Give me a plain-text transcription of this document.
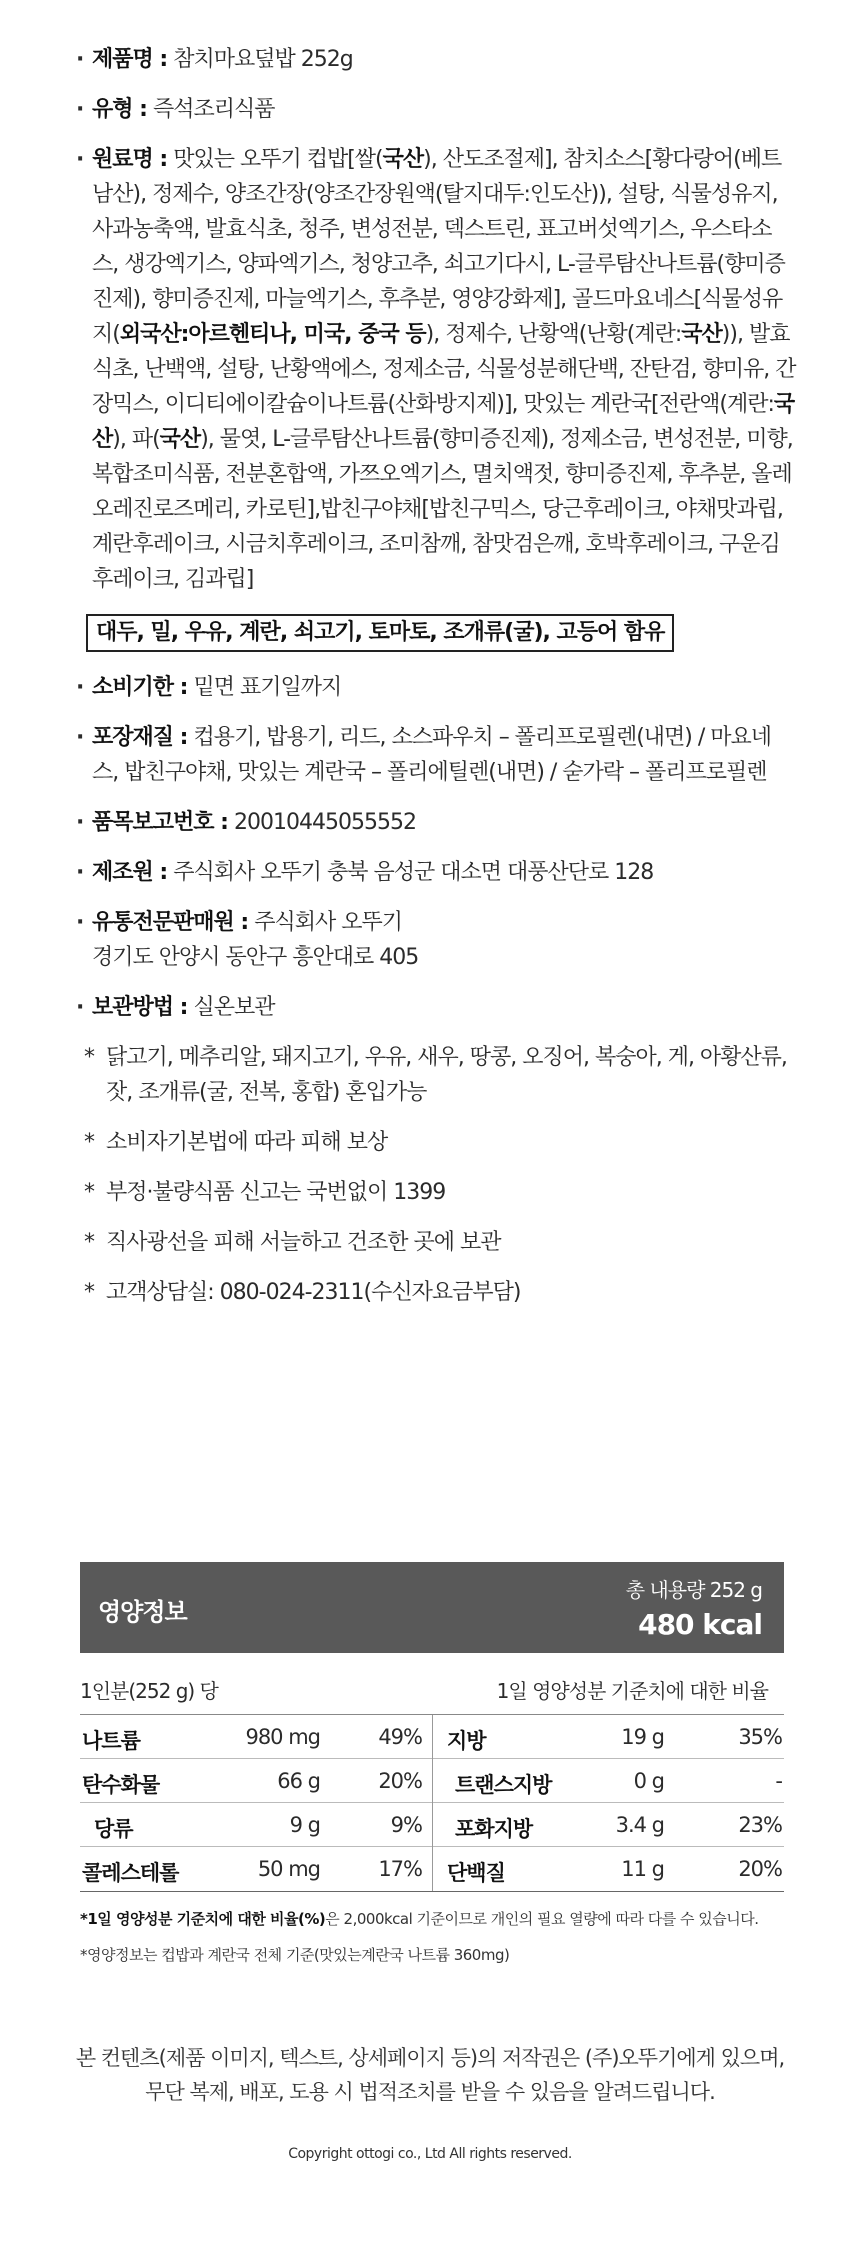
· 제품명 : 참치마요덮밥 252g
· 유형 : 즉석조리식품
· 원료명 : 맛있는 오뚜기 컵밥[쌀(국산), 산도조절제], 참치소스[황다랑어(베트남산), 정제수, 양조간장(양조간장원액(탈지대두:인도산)), 설탕, 식물성유지, 사과농축액, 발효식초, 청주, 변성전분, 덱스트린, 표고버섯엑기스, 우스타소스, 생강엑기스, 양파엑기스, 청양고추, 쇠고기다시, L-글루탐산나트륨(향미증진제), 향미증진제, 마늘엑기스, 후추분, 영양강화제], 골드마요네스[식물성유지(외국산:아르헨티나, 미국, 중국 등), 정제수, 난황액(난황(계란:국산)), 발효식초, 난백액, 설탕, 난황액에스, 정제소금, 식물성분해단백, 잔탄검, 향미유, 간장믹스, 이디티에이칼슘이나트륨(산화방지제)], 맛있는 계란국[전란액(계란:국산), 파(국산), 물엿, L-글루탐산나트륨(향미증진제), 정제소금, 변성전분, 미향, 복합조미식품, 전분혼합액, 가쯔오엑기스, 멸치액젓, 향미증진제, 후추분, 올레오레진로즈메리, 카로틴],밥친구야채[밥친구믹스, 당근후레이크, 야채맛과립, 계란후레이크, 시금치후레이크, 조미참깨, 참맛검은깨, 호박후레이크, 구운김후레이크, 김과립]
대두, 밀, 우유, 계란, 쇠고기, 토마토, 조개류(굴), 고등어 함유
· 소비기한 : 밑면 표기일까지
· 포장재질 : 컵용기, 밥용기, 리드, 소스파우치 – 폴리프로필렌(내면) / 마요네스, 밥친구야채, 맛있는 계란국 – 폴리에틸렌(내면) / 숟가락 – 폴리프로필렌
· 품목보고번호 : 20010445055552
· 제조원 : 주식회사 오뚜기 충북 음성군 대소면 대풍산단로 128
· 유통전문판매원 : 주식회사 오뚜기
경기도 안양시 동안구 흥안대로 405
· 보관방법 : 실온보관
* 닭고기, 메추리알, 돼지고기, 우유, 새우, 땅콩, 오징어, 복숭아, 게, 아황산류, 잣, 조개류(굴, 전복, 홍합) 혼입가능
* 소비자기본법에 따라 피해 보상
* 부정·불량식품 신고는 국번없이 1399
* 직사광선을 피해 서늘하고 건조한 곳에 보관
* 고객상담실: 080-024-2311(수신자요금부담)
영양정보
총 내용량 252 g
480 kcal
1인분(252 g) 당	1일 영양성분 기준치에 대한 비율
나트륨	980 mg	49%
탄수화물	66 g	20%
당류	9 g	9%
콜레스테롤	50 mg	17%
지방	19 g	35%
트랜스지방	0 g	-
포화지방	3.4 g	23%
단백질	11 g	20%
*1일 영양성분 기준치에 대한 비율(%)은 2,000kcal 기준이므로 개인의 필요 열량에 따라 다를 수 있습니다.
*영양정보는 컵밥과 계란국 전체 기준(맛있는계란국 나트륨 360mg)
본 컨텐츠(제품 이미지, 텍스트, 상세페이지 등)의 저작권은 (주)오뚜기에게 있으며,
무단 복제, 배포, 도용 시 법적조치를 받을 수 있음을 알려드립니다.
Copyright ottogi co., Ltd All rights reserved.
